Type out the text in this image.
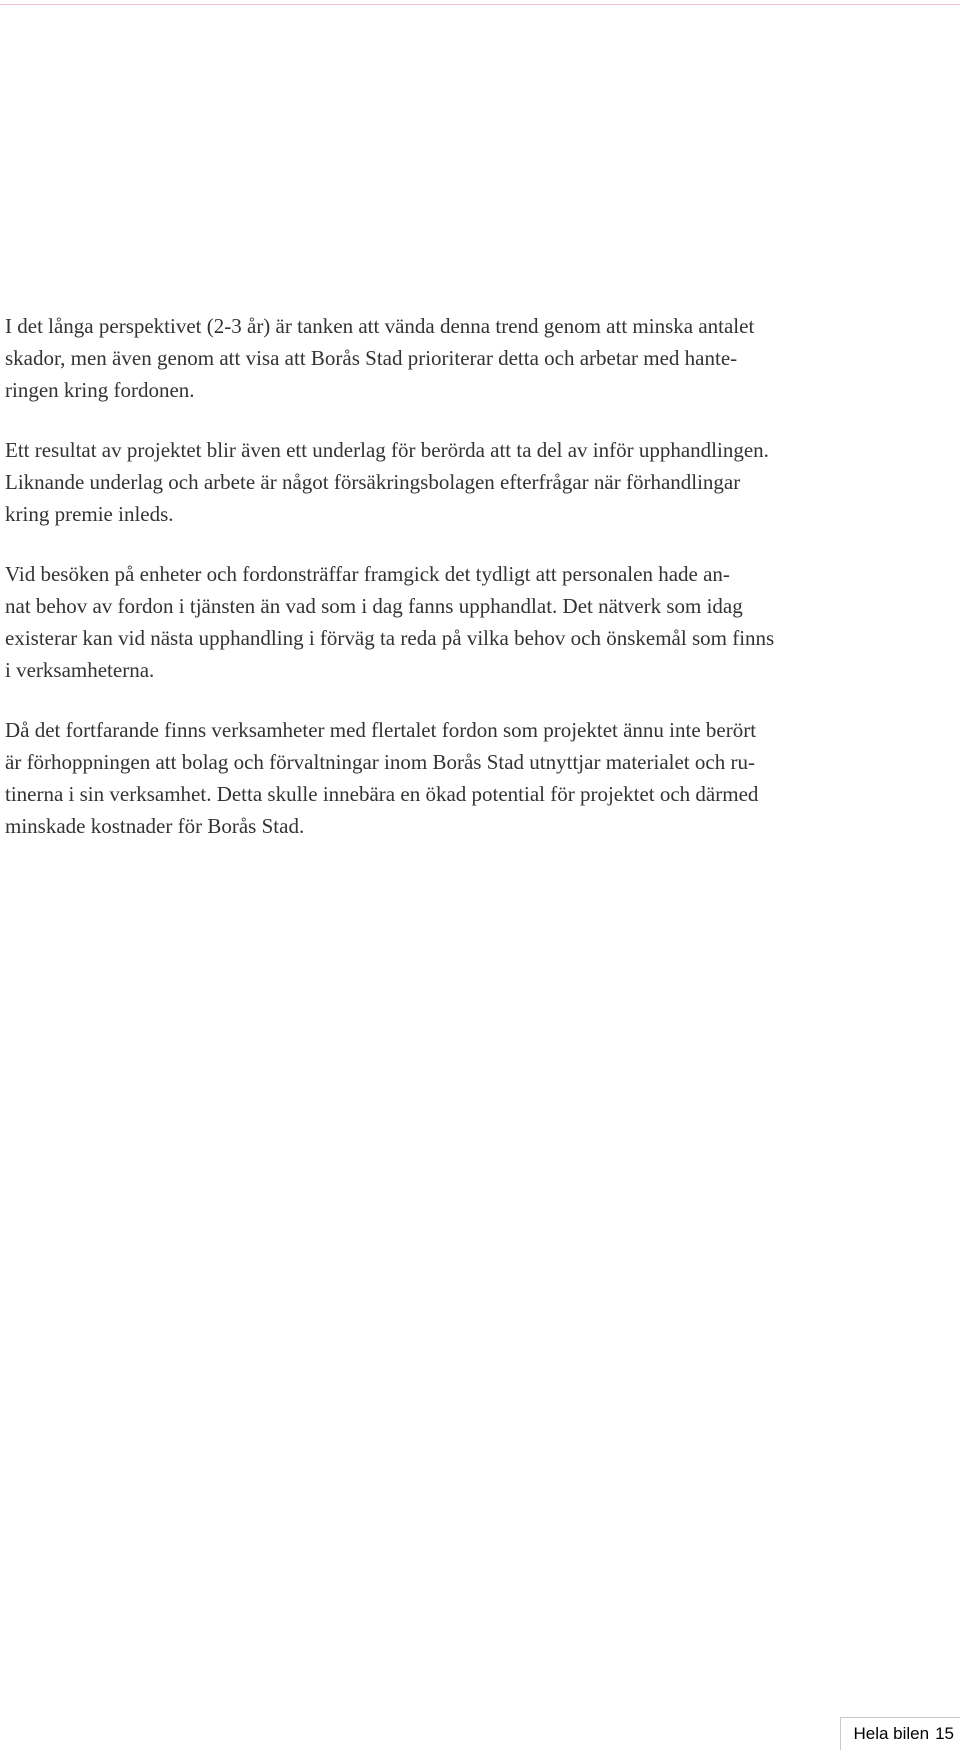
I det långa perspektivet (2-3 år) är tanken att vända denna trend genom att minska antalet
skador, men även genom att visa att Borås Stad prioriterar detta och arbetar med hante-
ringen kring fordonen.

Ett resultat av projektet blir även ett underlag för berörda att ta del av inför upphandlingen.
Liknande underlag och arbete är något försäkringsbolagen efterfrågar när förhandlingar
kring premie inleds.

Vid besöken på enheter och fordonsträffar framgick det tydligt att personalen hade an-
nat behov av fordon i tjänsten än vad som i dag fanns upphandlat. Det nätverk som idag
existerar kan vid nästa upphandling i förväg ta reda på vilka behov och önskemål som finns
i verksamheterna.

Då det fortfarande finns verksamheter med flertalet fordon som projektet ännu inte berört
är förhoppningen att bolag och förvaltningar inom Borås Stad utnyttjar materialet och ru-
tinerna i sin verksamhet. Detta skulle innebära en ökad potential för projektet och därmed
minskade kostnader för Borås Stad.

Hela bilen 15
